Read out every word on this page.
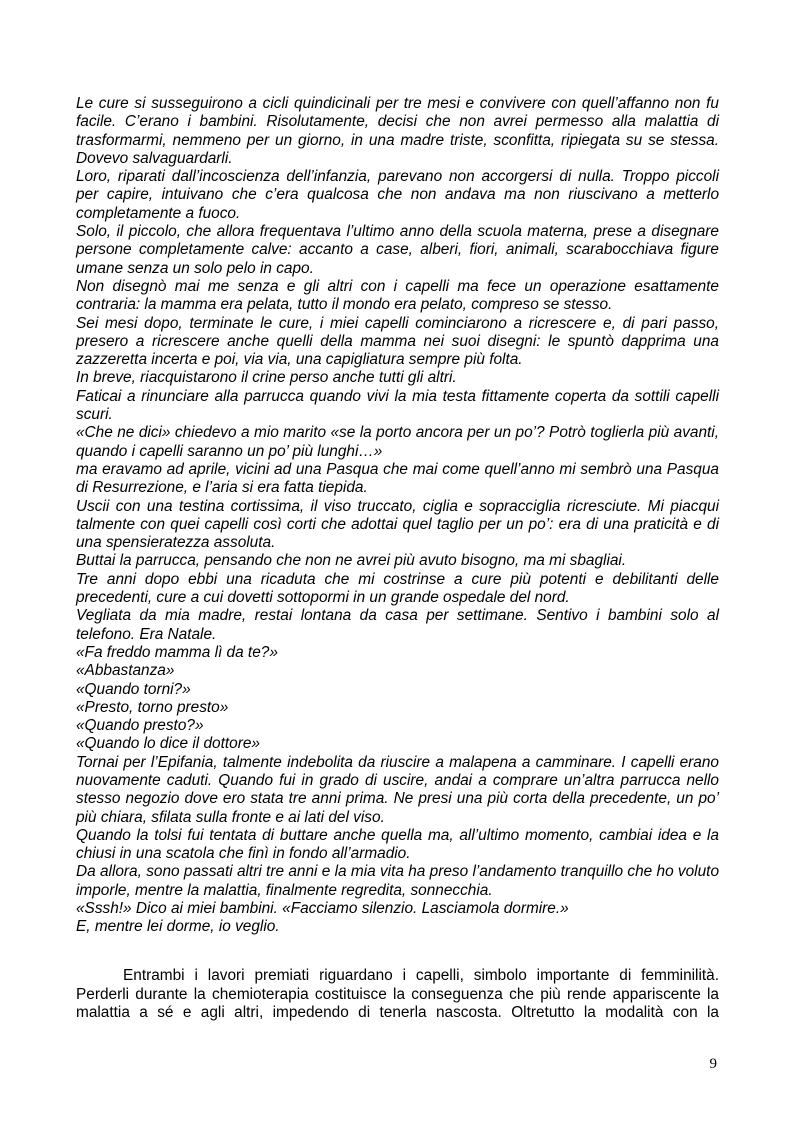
Le cure si susseguirono a cicli quindicinali per tre mesi e convivere con quell’affanno non fu facile. C’erano i bambini. Risolutamente, decisi che non avrei permesso alla malattia di trasformarmi, nemmeno per un giorno, in una madre triste, sconfitta, ripiegata su se stessa. Dovevo salvaguardarli.

Loro, riparati dall’incoscienza dell’infanzia, parevano non accorgersi di nulla. Troppo piccoli per capire, intuivano che c’era qualcosa che non andava ma non riuscivano a metterlo completamente a fuoco.

Solo, il piccolo, che allora frequentava l’ultimo anno della scuola materna, prese a disegnare persone completamente calve: accanto a case, alberi, fiori, animali, scarabocchiava figure umane senza un solo pelo in capo.

Non disegnò mai me senza e gli altri con i capelli ma fece un operazione esattamente contraria: la mamma era pelata, tutto il mondo era pelato, compreso se stesso.

Sei mesi dopo, terminate le cure, i miei capelli cominciarono a ricrescere e, di pari passo, presero a ricrescere anche quelli della mamma nei suoi disegni: le spuntò dapprima una zazzeretta incerta e poi, via via, una capigliatura sempre più folta.

In breve, riacquistarono il crine perso anche tutti gli altri.

Faticai a rinunciare alla parrucca quando vivi la mia testa fittamente coperta da sottili capelli scuri.

«Che ne dici» chiedevo a mio marito «se la porto ancora per un po’? Potrò toglierla più avanti, quando i capelli saranno un po’ più lunghi…»

ma eravamo ad aprile, vicini ad una Pasqua che mai come quell’anno mi sembrò una Pasqua di Resurrezione, e l’aria si era fatta tiepida.

Uscii con una testina cortissima, il viso truccato, ciglia e sopracciglia ricresciute. Mi piacqui talmente con quei capelli così corti che adottai quel taglio per un po’: era di una praticità e di una spensieratezza assoluta.

Buttai la parrucca, pensando che non ne avrei più avuto bisogno, ma mi sbagliai.

Tre anni dopo ebbi una ricaduta che mi costrinse a cure più potenti e debilitanti delle precedenti, cure a cui dovetti sottopormi in un grande ospedale del nord.

Vegliata da mia madre, restai lontana da casa per settimane. Sentivo i bambini solo al telefono. Era Natale.

«Fa freddo mamma lì da te?»

«Abbastanza»

«Quando torni?»

«Presto, torno presto»

«Quando presto?»

«Quando lo dice il dottore»

Tornai per l’Epifania, talmente indebolita da riuscire a malapena a camminare. I capelli erano nuovamente caduti. Quando fui in grado di uscire, andai a comprare un’altra parrucca nello stesso negozio dove ero stata tre anni prima. Ne presi una più corta della precedente, un po’ più chiara, sfilata sulla fronte e ai lati del viso.

Quando la tolsi fui tentata di buttare anche quella ma, all’ultimo momento, cambiai idea e la chiusi in una scatola che finì in fondo all’armadio.

Da allora, sono passati altri tre anni e la mia vita ha preso l’andamento tranquillo che ho voluto imporle, mentre la malattia, finalmente regredita, sonnecchia.

«Sssh!» Dico ai miei bambini. «Facciamo silenzio. Lasciamola dormire.»

E, mentre lei dorme, io veglio.

Entrambi i lavori premiati riguardano i capelli, simbolo importante di femminilità. Perderli durante la chemioterapia costituisce la conseguenza che più rende appariscente la malattia a sé e agli altri, impedendo di tenerla nascosta. Oltretutto la modalità con la

9
